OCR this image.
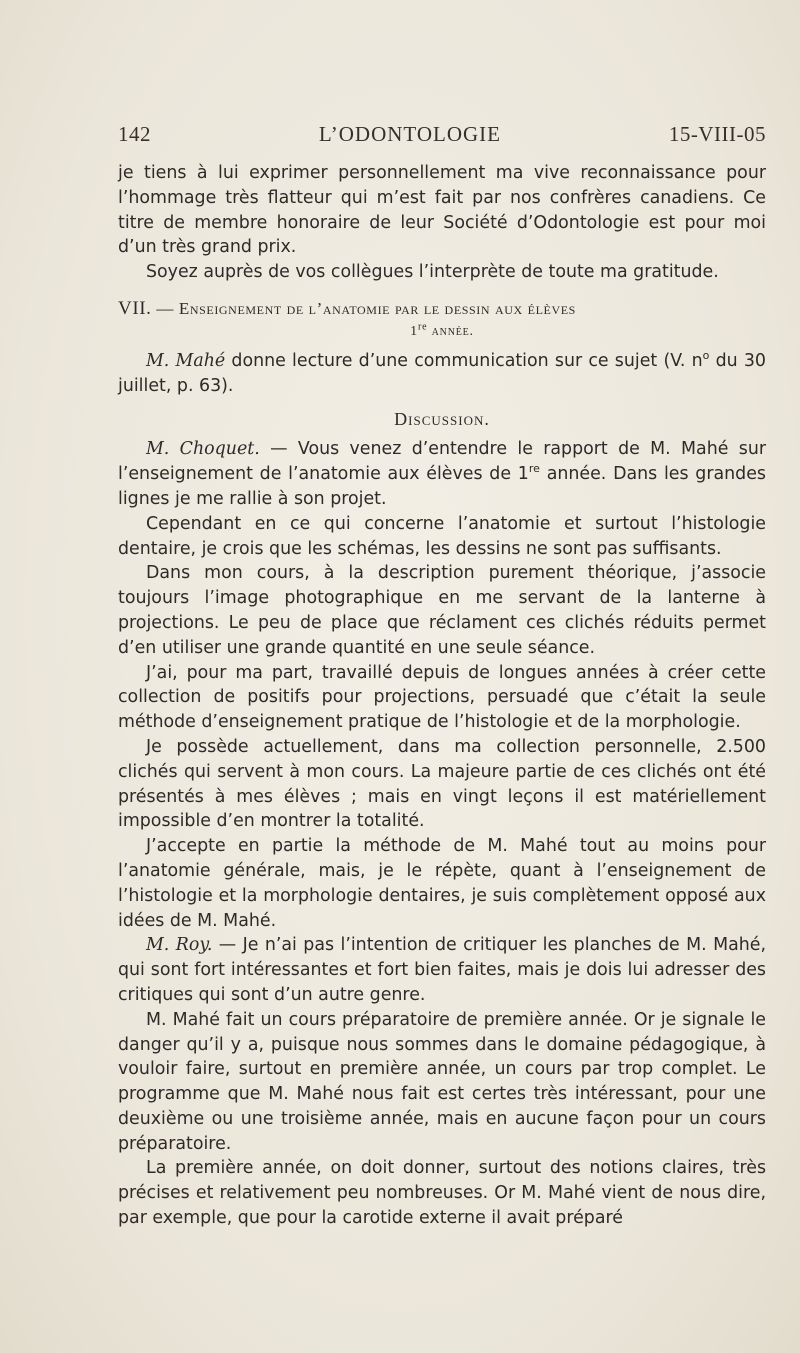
142	L’ODONTOLOGIE	15-VIII-05

je tiens à lui exprimer personnellement ma vive reconnaissance pour l’hommage très flatteur qui m’est fait par nos confrères canadiens. Ce titre de membre honoraire de leur Société d’Odontologie est pour moi d’un très grand prix.

Soyez auprès de vos collègues l’interprète de toute ma gratitude.

VII. — Enseignement de l’anatomie par le dessin aux élèves
1re année.

M. Mahé donne lecture d’une communication sur ce sujet (V. $n^o$ du 30 juillet, p. 63).

Discussion.

M. Choquet. — Vous venez d’entendre le rapport de M. Mahé sur l’enseignement de l’anatomie aux élèves de 1re année. Dans les grandes lignes je me rallie à son projet.

Cependant en ce qui concerne l’anatomie et surtout l’histologie dentaire, je crois que les schémas, les dessins ne sont pas suffisants.

Dans mon cours, à la description purement théorique, j’associe toujours l’image photographique en me servant de la lanterne à projections. Le peu de place que réclament ces clichés réduits permet d’en utiliser une grande quantité en une seule séance.

J’ai, pour ma part, travaillé depuis de longues années à créer cette collection de positifs pour projections, persuadé que c’était la seule méthode d’enseignement pratique de l’histologie et de la morphologie.

Je possède actuellement, dans ma collection personnelle, 2.500 clichés qui servent à mon cours. La majeure partie de ces clichés ont été présentés à mes élèves ; mais en vingt leçons il est matériellement impossible d’en montrer la totalité.

J’accepte en partie la méthode de M. Mahé tout au moins pour l’anatomie générale, mais, je le répète, quant à l’enseignement de l’histologie et la morphologie dentaires, je suis complètement opposé aux idées de M. Mahé.

M. Roy. — Je n’ai pas l’intention de critiquer les planches de M. Mahé, qui sont fort intéressantes et fort bien faites, mais je dois lui adresser des critiques qui sont d’un autre genre.

M. Mahé fait un cours préparatoire de première année. Or je signale le danger qu’il y a, puisque nous sommes dans le domaine pédagogique, à vouloir faire, surtout en première année, un cours par trop complet. Le programme que M. Mahé nous fait est certes très intéressant, pour une deuxième ou une troisième année, mais en aucune façon pour un cours préparatoire.

La première année, on doit donner, surtout des notions claires, très précises et relativement peu nombreuses. Or M. Mahé vient de nous dire, par exemple, que pour la carotide externe il avait préparé
